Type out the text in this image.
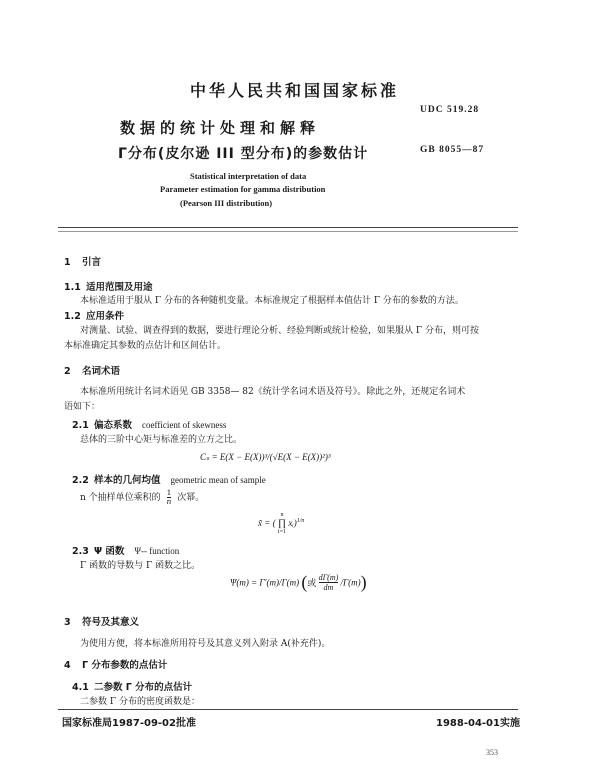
中华人民共和国国家标准
数据的统计处理和解释
Γ分布(皮尔逊 III 型分布)的参数估计
UDC 519.28
GB 8055—87
Statistical interpretation of data
Parameter estimation for gamma distribution
(Pearson III distribution)
1 引言
1.1 适用范围及用途
本标准适用于服从 Γ 分布的各种随机变量。本标准规定了根据样本值估计 Γ 分布的参数的方法。
1.2 应用条件
对测量、试验、调查得到的数据，要进行理论分析、经验判断或统计检验，如果服从 Γ 分布，则可按
本标准确定其参数的点估计和区间估计。
2 名词术语
本标准所用统计名词术语见 GB 3358— 82《统计学名词术语及符号》。除此之外，还规定名词术
语如下：
2.1 偏态系数 coefficient of skewness
总体的三阶中心矩与标准差的立方之比。
Cₛ = E(X − E(X))³/(√E(X − E(X))²)³
2.2 样本的几何均值 geometric mean of sample
n 个抽样单位乘积的 $\frac{1}{n}$ 次幂。
x̃ = (
n
∏
i=1
xᵢ)$^{1/n}$
2.3 Ψ 函数 Ψ-- function
Γ 函数的导数与 Γ 函数之比。
Ψ(m) = Γ′(m)/Γ(m) (或 $\frac{d\Gamma(m)}{dm} /\Gamma(m)$)
3 符号及其意义
为使用方便，将本标准所用符号及其意义列入附录 A(补充件)。
4 Γ 分布参数的点估计
4.1 二参数 Γ 分布的点估计
二参数 Γ 分布的密度函数是：
国家标准局1987-09-02批准	1988-04-01实施
353
